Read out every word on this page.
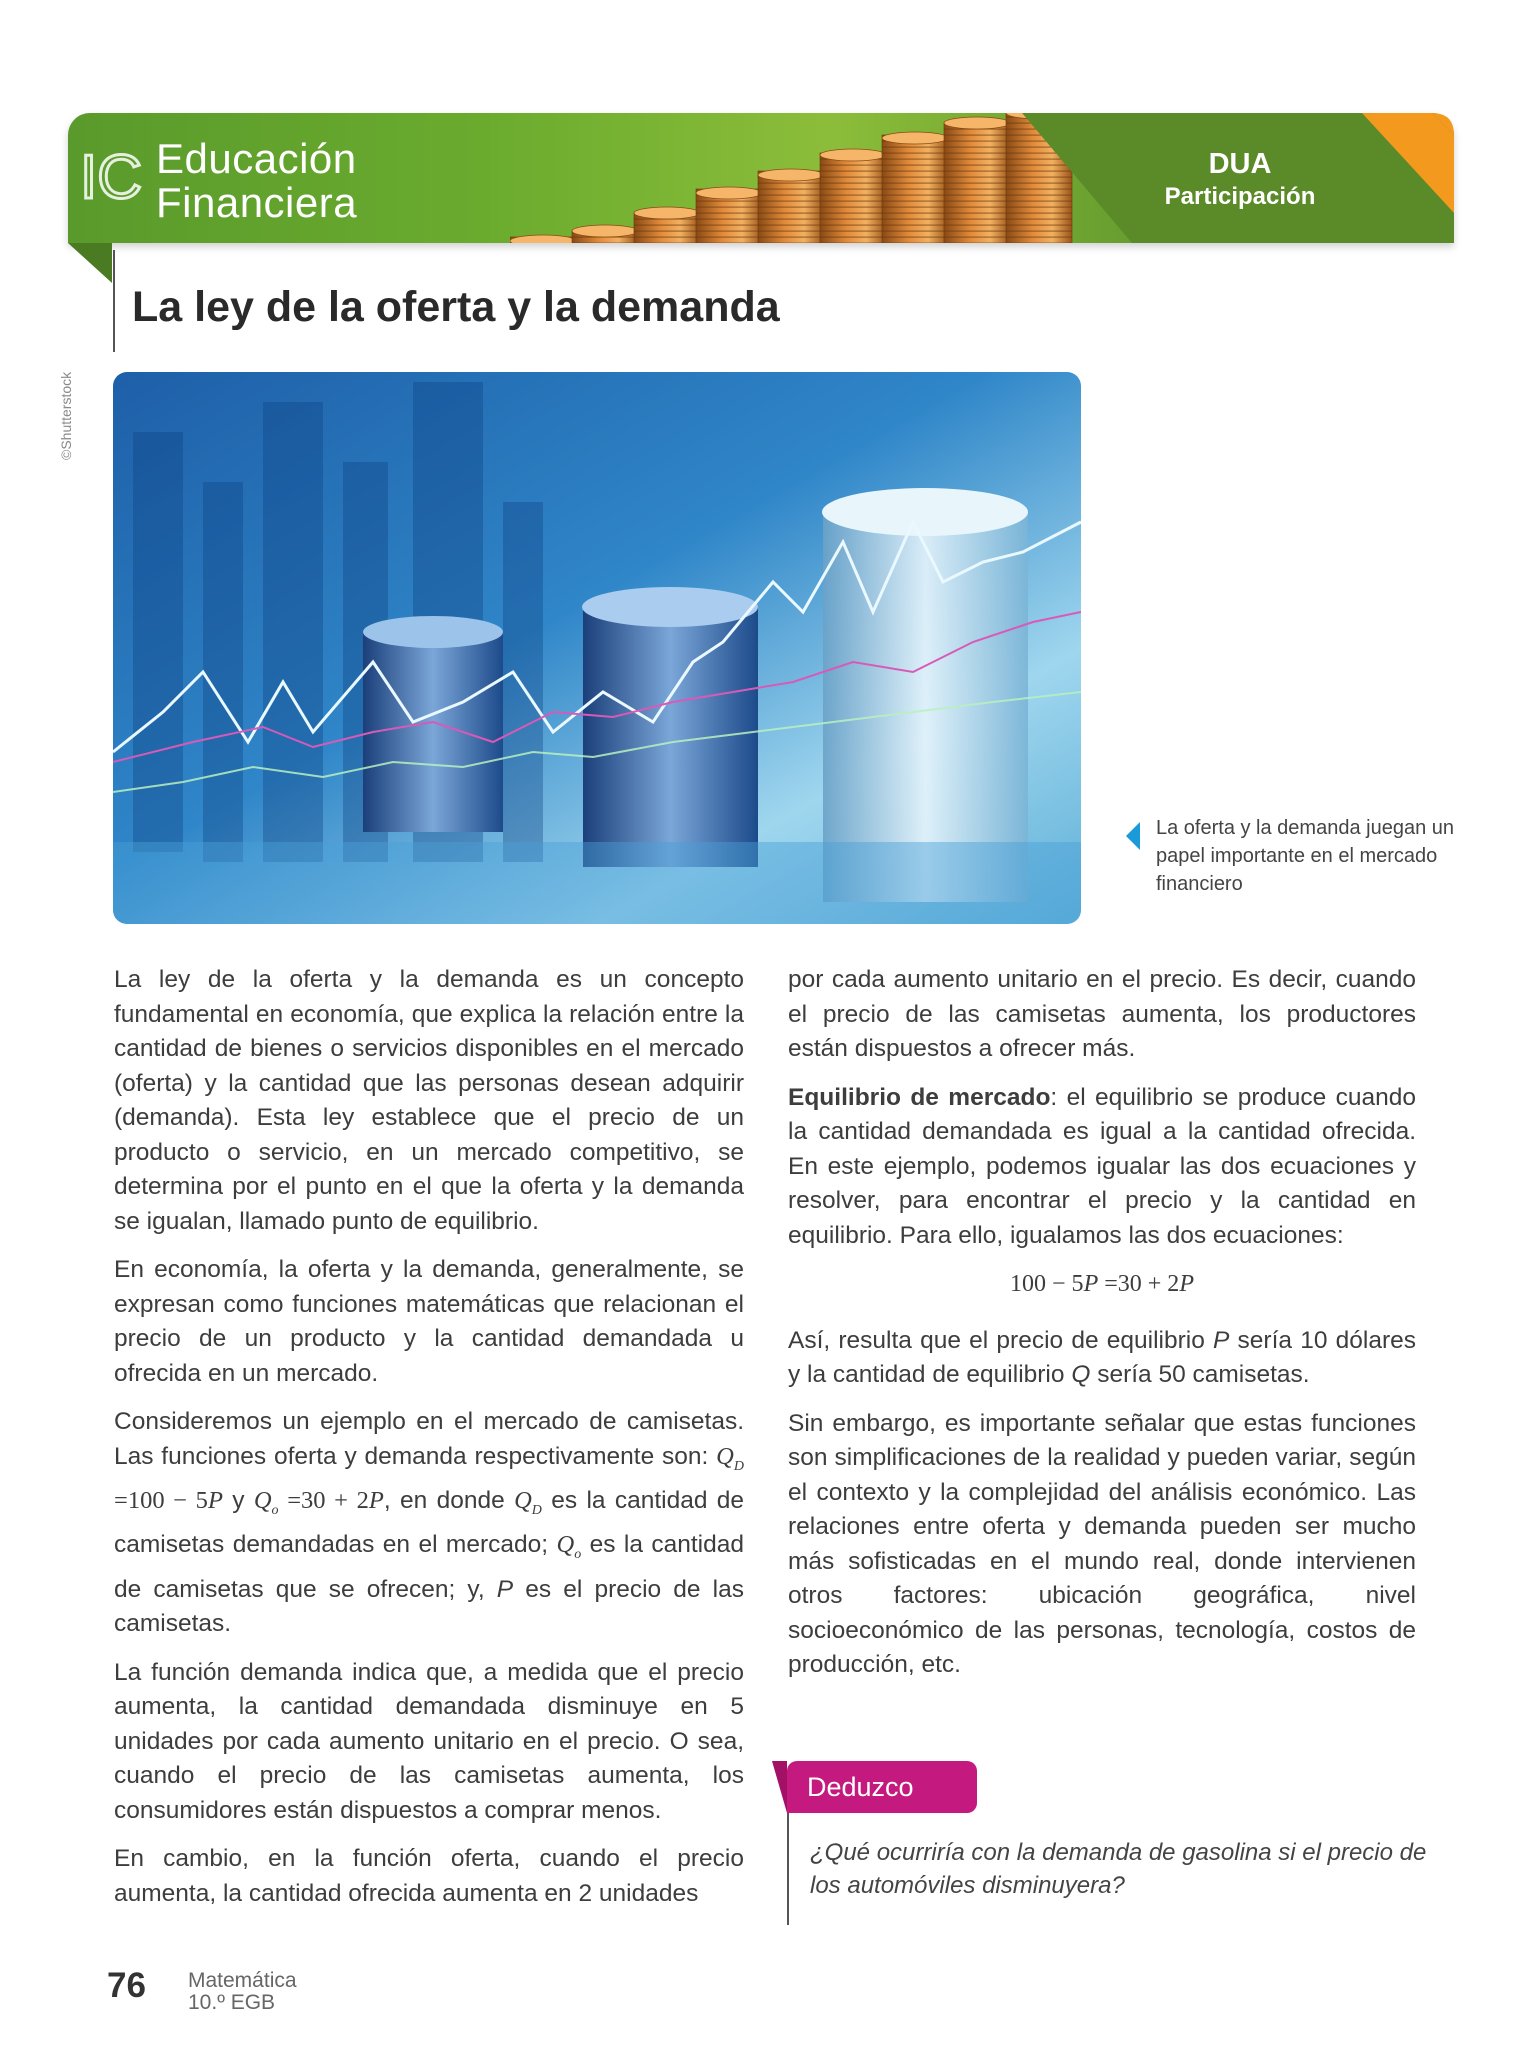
IC Educación
Financiera
DUA
Participación
La ley de la oferta y la demanda
©Shutterstock
La oferta y la demanda juegan un papel importante en el mercado financiero

La ley de la oferta y la demanda es un concepto fundamental en economía, que explica la relación entre la cantidad de bienes o servicios disponibles en el mercado (oferta) y la cantidad que las personas desean adquirir (demanda). Esta ley establece que el precio de un producto o servicio, en un mercado competitivo, se determina por el punto en el que la oferta y la demanda se igualan, llamado punto de equilibrio.

En economía, la oferta y la demanda, generalmente, se expresan como funciones matemáticas que relacionan el precio de un producto y la cantidad demandada u ofrecida en un mercado.

Consideremos un ejemplo en el mercado de camisetas. Las funciones oferta y demanda respectivamente son: $Q_D =100 - 5P$ y $Q_o =30 + 2P$, en donde $Q_D$ es la cantidad de camisetas demandadas en el mercado; $Q_o$ es la cantidad de camisetas que se ofrecen; y, P es el precio de las camisetas.

La función demanda indica que, a medida que el precio aumenta, la cantidad demandada disminuye en 5 unidades por cada aumento unitario en el precio. O sea, cuando el precio de las camisetas aumenta, los consumidores están dispuestos a comprar menos.

En cambio, en la función oferta, cuando el precio aumenta, la cantidad ofrecida aumenta en 2 unidades

por cada aumento unitario en el precio. Es decir, cuando el precio de las camisetas aumenta, los productores están dispuestos a ofrecer más.

Equilibrio de mercado: el equilibrio se produce cuando la cantidad demandada es igual a la cantidad ofrecida. En este ejemplo, podemos igualar las dos ecuaciones y resolver, para encontrar el precio y la cantidad en equilibrio. Para ello, igualamos las dos ecuaciones:

100 − 5P =30 + 2P

Así, resulta que el precio de equilibrio P sería 10 dólares y la cantidad de equilibrio Q sería 50 camisetas.

Sin embargo, es importante señalar que estas funciones son simplificaciones de la realidad y pueden variar, según el contexto y la complejidad del análisis económico. Las relaciones entre oferta y demanda pueden ser mucho más sofisticadas en el mundo real, donde intervienen otros factores: ubicación geográfica, nivel socioeconómico de las personas, tecnología, costos de producción, etc.

Deduzco
¿Qué ocurriría con la demanda de gasolina si el precio de los automóviles disminuyera?
76 Matemática
10.º EGB
